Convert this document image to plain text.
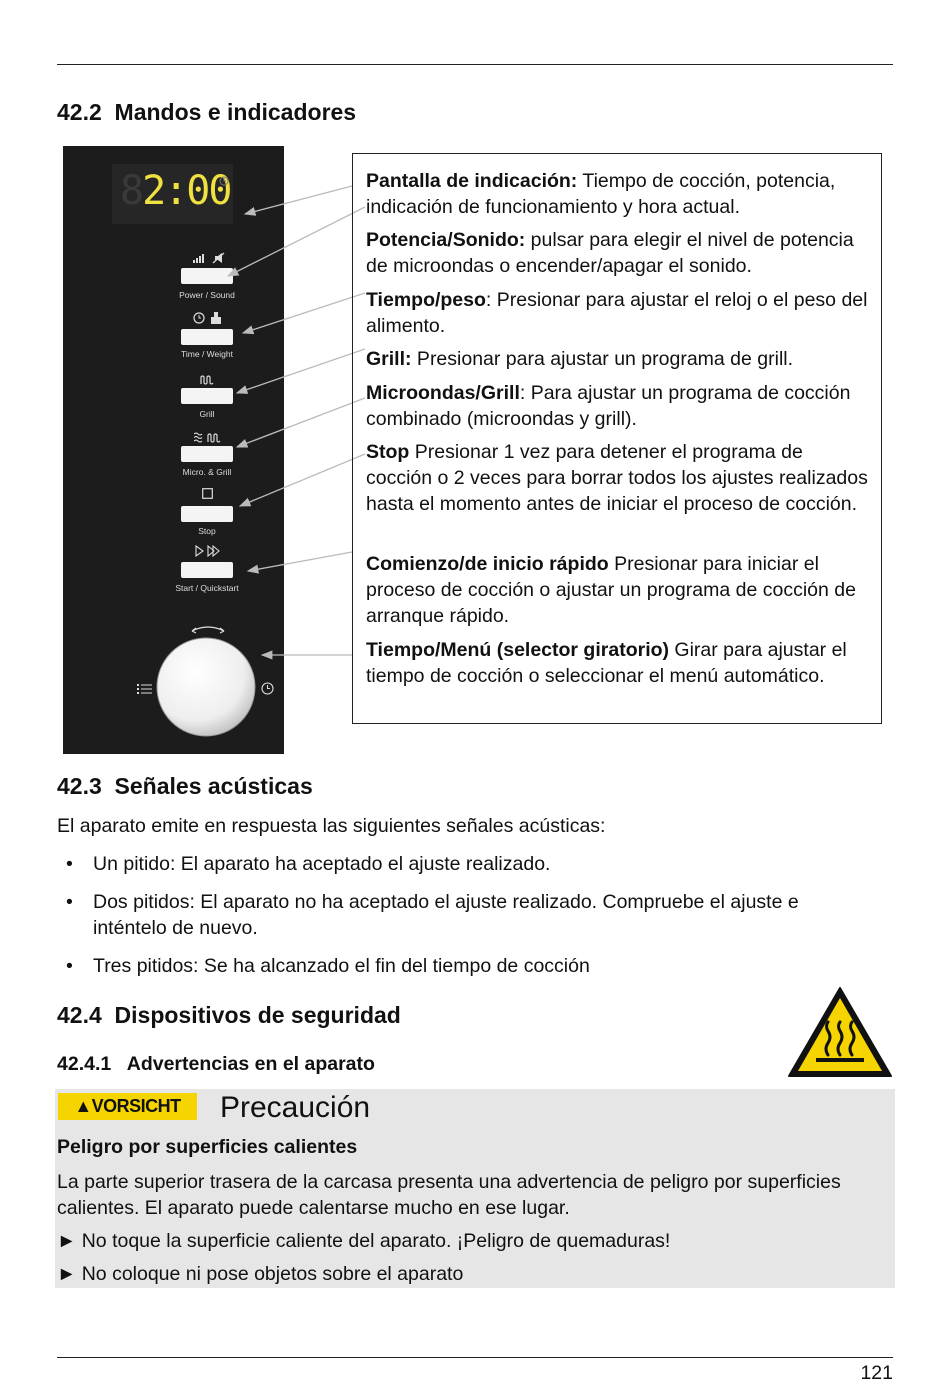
42.2 Mandos e indicadores
82:00
Power / Sound
Time / Weight
Grill
Micro. & Grill
Stop
Start / Quickstart

Pantalla de indicación: Tiempo de cocción, potencia, indicación de funcionamiento y hora actual.

Potencia/Sonido: pulsar para elegir el nivel de potencia de microondas o encender/apagar el sonido.

Tiempo/peso: Presionar para ajustar el reloj o el peso del alimento.

Grill: Presionar para ajustar un programa de grill.

Microondas/Grill: Para ajustar un programa de cocción combinado (microondas y grill).

Stop Presionar 1 vez para detener el programa de cocción o 2 veces para borrar todos los ajustes realizados hasta el momento antes de iniciar el proceso de cocción.

Comienzo/de inicio rápido Presionar para iniciar el proceso de cocción o ajustar un programa de cocción de arranque rápido.

Tiempo/Menú (selector giratorio) Girar para ajustar el tiempo de cocción o seleccionar el menú automático.

42.3 Señales acústicas

El aparato emite en respuesta las siguientes señales acústicas:

• Un pitido: El aparato ha aceptado el ajuste realizado.
• Dos pitidos: El aparato no ha aceptado el ajuste realizado. Compruebe el ajuste e inténtelo de nuevo.
• Tres pitidos: Se ha alcanzado el fin del tiempo de cocción
42.4 Dispositivos de seguridad
42.4.1 Advertencias en el aparato
▲VORSICHT	Precaución

Peligro por superficies calientes

La parte superior trasera de la carcasa presenta una advertencia de peligro por superficies calientes. El aparato puede calentarse mucho en ese lugar.

► No toque la superficie caliente del aparato. ¡Peligro de quemaduras!

► No coloque ni pose objetos sobre el aparato

121
